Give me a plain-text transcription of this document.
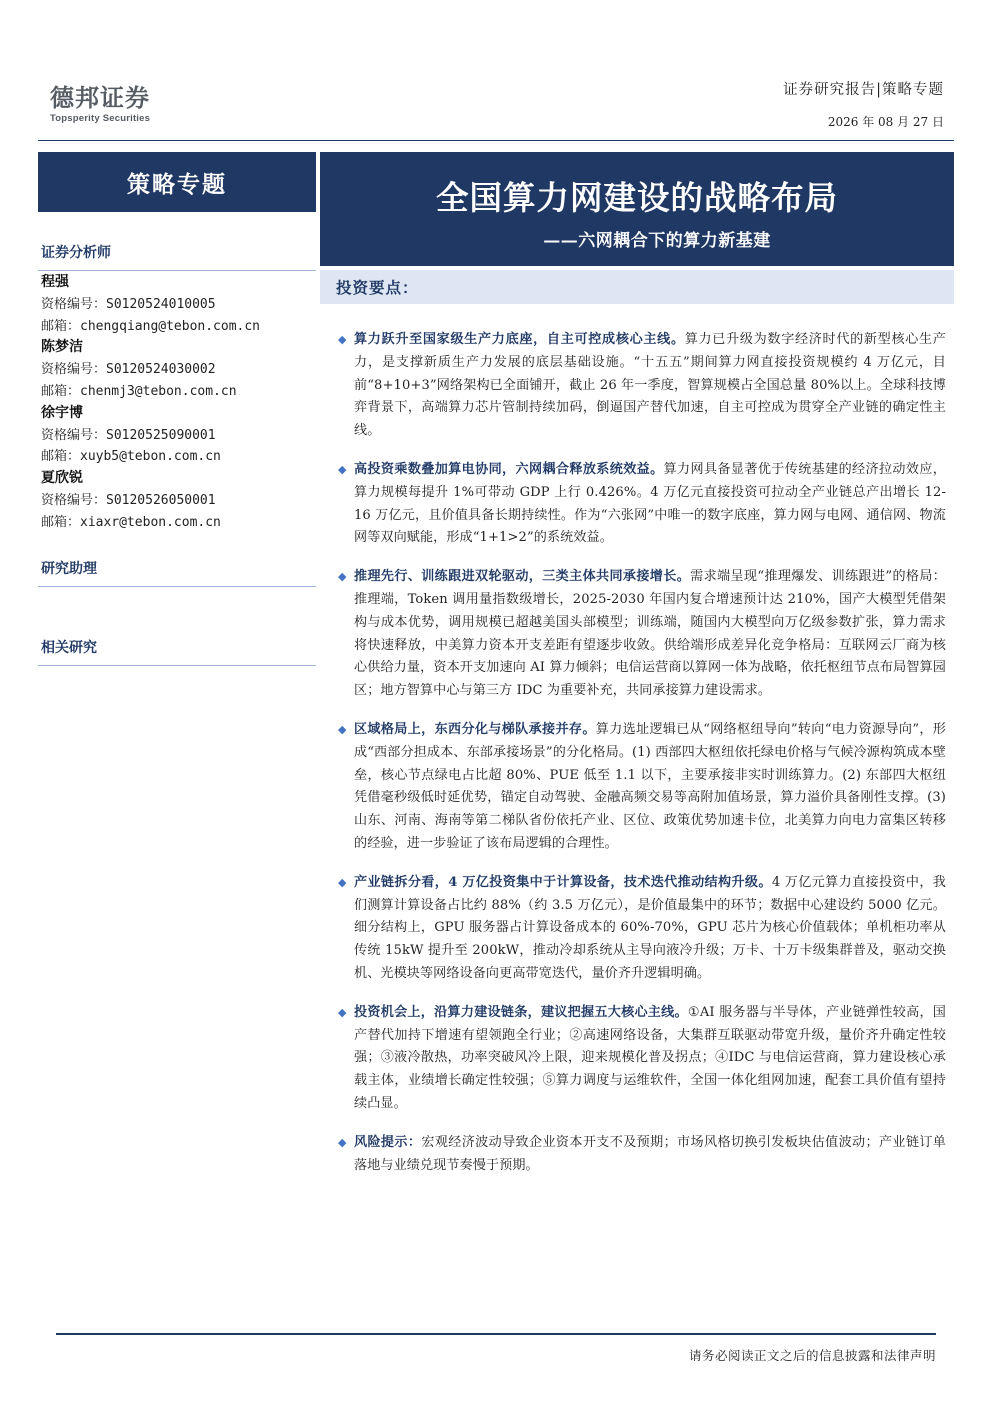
德邦证券
Topsperity Securities
证券研究报告|策略专题
2026 年 08 月 27 日
策略专题
证券分析师
程强
资格编号：S0120524010005
邮箱：chengqiang@tebon.com.cn
陈梦洁
资格编号：S0120524030002
邮箱：chenmj3@tebon.com.cn
徐宇博
资格编号：S0120525090001
邮箱：xuyb5@tebon.com.cn
夏欣锐
资格编号：S0120526050001
邮箱：xiaxr@tebon.com.cn
研究助理
相关研究
全国算力网建设的战略布局
——六网耦合下的算力新基建
投资要点：
◆ 算力跃升至国家级生产力底座，自主可控成核心主线。算力已升级为数字经济时代的新型核心生产力，是支撑新质生产力发展的底层基础设施。“十五五”期间算力网直接投资规模约 4 万亿元，目前“8+10+3”网络架构已全面铺开，截止 26 年一季度，智算规模占全国总量 80%以上。全球科技博弈背景下，高端算力芯片管制持续加码，倒逼国产替代加速，自主可控成为贯穿全产业链的确定性主线。
◆ 高投资乘数叠加算电协同，六网耦合释放系统效益。算力网具备显著优于传统基建的经济拉动效应，算力规模每提升 1%可带动 GDP 上行 0.426%。4 万亿元直接投资可拉动全产业链总产出增长 12-16 万亿元，且价值具备长期持续性。作为“六张网”中唯一的数字底座，算力网与电网、通信网、物流网等双向赋能，形成“1+1>2”的系统效益。
◆ 推理先行、训练跟进双轮驱动，三类主体共同承接增长。需求端呈现“推理爆发、训练跟进”的格局：推理端，Token 调用量指数级增长，2025-2030 年国内复合增速预计达 210%，国产大模型凭借架构与成本优势，调用规模已超越美国头部模型；训练端，随国内大模型向万亿级参数扩张，算力需求将快速释放，中美算力资本开支差距有望逐步收敛。供给端形成差异化竞争格局：互联网云厂商为核心供给力量，资本开支加速向 AI 算力倾斜；电信运营商以算网一体为战略，依托枢纽节点布局智算园区；地方智算中心与第三方 IDC 为重要补充，共同承接算力建设需求。
◆ 区域格局上，东西分化与梯队承接并存。算力选址逻辑已从“网络枢纽导向”转向“电力资源导向”，形成“西部分担成本、东部承接场景”的分化格局。(1) 西部四大枢纽依托绿电价格与气候冷源构筑成本壁垒，核心节点绿电占比超 80%、PUE 低至 1.1 以下，主要承接非实时训练算力。(2) 东部四大枢纽凭借毫秒级低时延优势，锚定自动驾驶、金融高频交易等高附加值场景，算力溢价具备刚性支撑。(3) 山东、河南、海南等第二梯队省份依托产业、区位、政策优势加速卡位，北美算力向电力富集区转移的经验，进一步验证了该布局逻辑的合理性。
◆ 产业链拆分看，4 万亿投资集中于计算设备，技术迭代推动结构升级。4 万亿元算力直接投资中，我们测算计算设备占比约 88%（约 3.5 万亿元），是价值最集中的环节；数据中心建设约 5000 亿元。细分结构上，GPU 服务器占计算设备成本的 60%-70%，GPU 芯片为核心价值载体；单机柜功率从传统 15kW 提升至 200kW，推动冷却系统从主导向液冷升级；万卡、十万卡级集群普及，驱动交换机、光模块等网络设备向更高带宽迭代，量价齐升逻辑明确。
◆ 投资机会上，沿算力建设链条，建议把握五大核心主线。①AI 服务器与半导体，产业链弹性较高，国产替代加持下增速有望领跑全行业；②高速网络设备，大集群互联驱动带宽升级，量价齐升确定性较强；③液冷散热，功率突破风冷上限，迎来规模化普及拐点；④IDC 与电信运营商，算力建设核心承载主体，业绩增长确定性较强；⑤算力调度与运维软件，全国一体化组网加速，配套工具价值有望持续凸显。
◆ 风险提示：宏观经济波动导致企业资本开支不及预期；市场风格切换引发板块估值波动；产业链订单落地与业绩兑现节奏慢于预期。
请务必阅读正文之后的信息披露和法律声明
